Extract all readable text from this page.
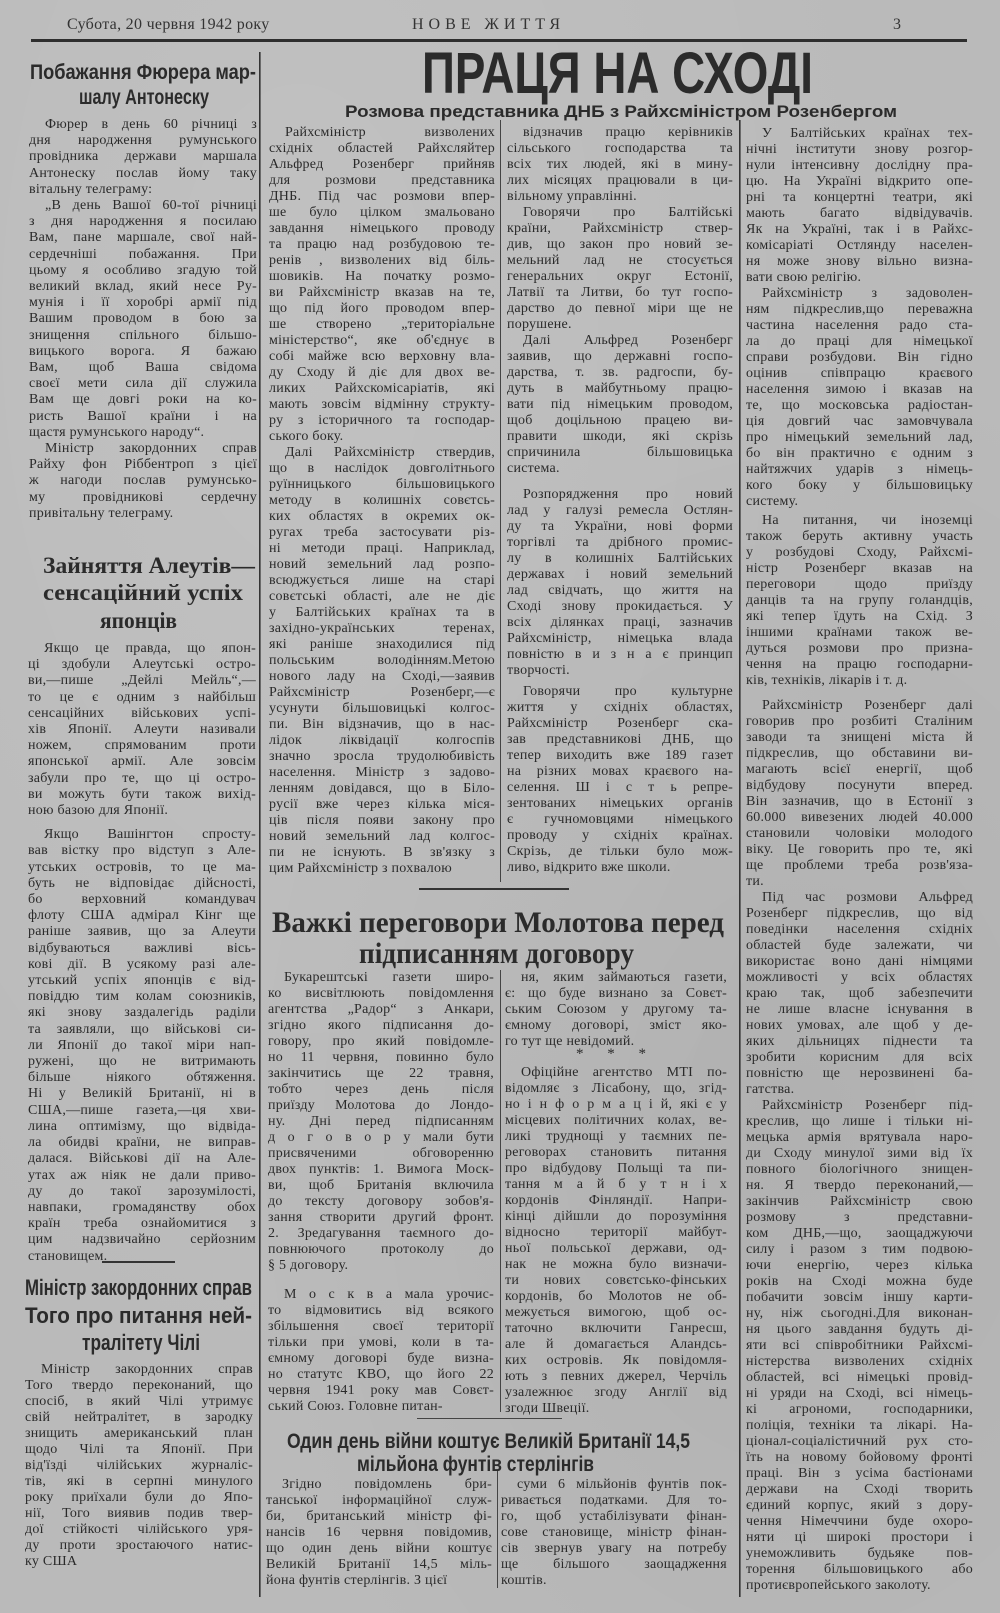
ПРАЦЯ НА СХОДІ
Розмова представника ДНБ з Райхсміністром Розенбергом
Побажання Фюрера мар-
шалу Антонеску
Зайняття Алеутів—
сенсаційний успіх
японців
Міністр закордонних справ
Того про питання ней-
тралітету Чілі
Важкі переговори Молотова перед
підписанням договору
Один день війни коштує Великій Британії 14,5
мільйона фунтів стерлінгів
Субота, 20 червня 1942 року	НОВЕ ЖИТТЯ	3
Фюрер в день 60 річниці з
дня народження румунського
провідника держави маршала
Антонеску послав йому таку
вітальну телеграму:
„В день Вашої 60-тої річниці
з дня народження я посилаю
Вам, пане маршале, свої най-
сердечніші побажання. При
цьому я особливо згадую той
великий вклад, який несе Ру-
мунія і її хоробрі армії під
Вашим проводом в бою за
знищення спільного більшо-
вицького ворога. Я бажаю
Вам, щоб Ваша свідома
своєї мети сила дії служила
Вам ще довгі роки на ко-
ристь Вашої країни і на
щастя румунського народу“.
Міністр закордонних справ
Райху фон Ріббентроп з цієї
ж нагоди послав румунсько-
му провідникові сердечну
привітальну телеграму.
Якщо це правда, що япон-
ці здобули Алеутські остро-
ви,—пише „Дейлі Мейль“,—
то це є одним з найбільш
сенсаційних військових успі-
хів Японії. Алеути називали
ножем, спрямованим проти
японської армії. Але зовсім
забули про те, що ці остро-
ви можуть бути також вихід-
ною базою для Японії.
Якщо Вашінгтон спросту-
вав вістку про відступ з Але-
утських островів, то це ма-
буть не відповідає дійсності,
бо верховний командувач
флоту США адмірал Кінг ще
раніше заявив, що за Алеути
відбуваються важливі вісь-
кові дії. В усякому разі але-
утський успіх японців є від-
повіддю тим колам союзників,
які знову заздалегідь раділи
та заявляли, що військові си-
ли Японії до такої міри нап-
ружені, що не витримають
більше ніякого обтяження.
Ні у Великій Британії, ні в
США,—пише газета,—ця хви-
лина оптимізму, що відвіда-
ла обидві країни, не виправ-
далася. Військові дії на Але-
утах аж ніяк не дали приво-
ду до такої зарозумілості,
навпаки, громадянству обох
країн треба ознайомитися з
цим надзвичайно серйозним
становищем.
Міністр закордонних справ
Того твердо переконаний, що
спосіб, в який Чілі утримує
свій нейтралітет, в зародку
знищить американський план
щодо Чілі та Японії. При
від'їзді чілійських журналіс-
тів, які в серпні минулого
року приїхали були до Япо-
нії, Того виявив подив твер-
дої стійкості чілійського уря-
ду проти зростаючого натис-
ку США
Райхсміністр визволених
східніх областей Райхсляйтер
Альфред Розенберг прийняв
для розмови представника
ДНБ. Під час розмови впер-
ше було цілком змальовано
завдання німецького проводу
та працю над розбудовою те-
ренів , визволених від біль-
шовиків. На початку розмо-
ви Райхсміністр вказав на те,
що під його проводом впер-
ше створено „територіальне
міністерство“, яке об'єднує в
собі майже всю верховну вла-
ду Сходу й діє для двох ве-
ликих Райхскомісаріатів, які
мають зовсім відмінну структу-
ру з історичного та господар-
ського боку.
Далі Райхсміністр ствердив,
що в наслідок довголітнього
руїнницького більшовицького
методу в колишніх совєтсь-
ких областях в окремих ок-
ругах треба застосувати різ-
ні методи праці. Наприклад,
новий земельний лад розпо-
всюджується лише на старі
совєтські області, але не діє
у Балтійських країнах та в
західно-українських теренах,
які раніше знаходилися під
польським володінням.Метою
нового ладу на Сході,—заявив
Райхсміністр Розенберг,—є
усунути більшовицькі колгос-
пи. Він відзначив, що в нас-
лідок ліквідації колгоспів
значно зросла трудолюбивість
населення. Міністр з задово-
ленням довідався, що в Біло-
русії вже через кілька міся-
ців після появи закону про
новий земельний лад колгос-
пи не існують. В зв'язку з
цим Райхсміністр з похвалою
відзначив працю керівників
сільського господарства та
всіх тих людей, які в мину-
лих місяцях працювали в ци-
вільному управлінні.
Говорячи про Балтійські
країни, Райхсміністр ствер-
див, що закон про новий зе-
мельний лад не стосується
генеральних округ Естонії,
Латвії та Литви, бо тут госпо-
дарство до певної міри ще не
порушене.
Далі Альфред Розенберг
заявив, що державні госпо-
дарства, т. зв. радгоспи, бу-
дуть в майбутньому працю-
вати під німецьким проводом,
щоб доцільною працею ви-
правити шкоди, які скрізь
спричинила більшовицька
система.
Розпорядження про новий
лад у галузі ремесла Остлян-
ду та України, нові форми
торгівлі та дрібного промис-
лу в колишніх Балтійських
державах і новий земельний
лад свідчать, що життя на
Сході знову прокидається. У
всіх ділянках праці, зазначив
Райхсміністр, німецька влада
повністю в и з н а є принцип
творчості.
Говорячи про культурне
життя у східніх областях,
Райхсміністр Розенберг ска-
зав представникові ДНБ, що
тепер виходить вже 189 газет
на різних мовах краєвого на-
селення. Ш і с т ь репре-
зентованих німецьких органів
є гучномовцями німецького
проводу у східніх країнах.
Скрізь, де тільки було мож-
ливо, відкрито вже школи.
У Балтійських країнах тех-
нічні інститути знову розгор-
нули інтенсивну дослідну пра-
цю. На Україні відкрито опе-
рні та концертні театри, які
мають багато відвідувачів.
Як на Україні, так і в Райхс-
комісаріаті Остлянду населен-
ня може знову вільно визна-
вати свою релігію.
Райхсміністр з задоволен-
ням підкреслив,що переважна
частина населення радо ста-
ла до праці для німецької
справи розбудови. Він гідно
оцінив співпрацю краєвого
населення зимою і вказав на
те, що московська радіостан-
ція довгий час замовчувала
про німецький земельний лад,
бо він практично є одним з
найтяжчих ударів з німець-
кого боку у більшовицьку
систему.
На питання, чи іноземці
також беруть активну участь
у розбудові Сходу, Райхсмі-
ністр Розенберг вказав на
переговори щодо приїзду
данців та на групу голандців,
які тепер їдуть на Схід. З
іншими країнами також ве-
дуться розмови про призна-
чення на працю господарни-
ків, техніків, лікарів і т. д.
Райхсміністр Розенберг далі
говорив про розбиті Сталіним
заводи та знищені міста й
підкреслив, що обставини ви-
магають всієї енергії, щоб
відбудову посунути вперед.
Він зазначив, що в Естонії з
60.000 вивезених людей 40.000
становили чоловіки молодого
віку. Це говорить про те, які
ще проблеми треба розв'яза-
ти.
Під час розмови Альфред
Розенберг підкреслив, що від
поведінки населення східніх
областей буде залежати, чи
використає воно дані німцями
можливості у всіх областях
краю так, щоб забезпечити
не лише власне існування в
нових умовах, але щоб у де-
яких дільницях піднести та
зробити корисним для всіх
повністю ще нерозвинені ба-
гатства.
Райхсміністр Розенберг під-
креслив, що лише і тільки ні-
мецька армія врятувала наро-
ди Сходу минулої зими від їх
повного біологічного знищен-
ня. Я твердо переконаний,—
закінчив Райхсміністр свою
розмову з представни-
ком ДНБ,—що, заощаджуючи
силу і разом з тим подвою-
ючи енергію, через кілька
років на Сході можна буде
побачити зовсім іншу карти-
ну, ніж сьогодні.Для виконан-
ня цього завдання будуть ді-
яти всі співробітники Райхсмі-
ністерства визволених східніх
областей, всі німецькі провід-
ні уряди на Сході, всі німець-
кі агрономи, господарники,
поліція, техніки та лікарі. На-
ціонал-соціалістичний рух сто-
їть на новому бойовому фронті
праці. Він з усіма бастіонами
держави на Сході творить
єдиний корпус, який з дору-
чення Німеччини буде охоро-
няти ці широкі простори і
унеможливить будьяке пов-
торення більшовицького або
протиєвропейського заколоту.
Букарештські газети широ-
ко висвітлюють повідомлення
агентства „Радор“ з Анкари,
згідно якого підписання до-
говору, про який повідомле-
но 11 червня, повинно було
закінчитись ще 22 травня,
тобто через день після
приїзду Молотова до Лондо-
ну. Дні перед підписанням
д о г о в о р у мали бути
присвяченими обговоренню
двох пунктів: 1. Вимога Моск-
ви, щоб Британія включила
до тексту договору зобов'я-
зання створити другий фронт.
2. Зредагування таємного до-
повнюючого протоколу до
§ 5 договору.
М о с к в а мала урочис-
то відмовитись від всякого
збільшення своєї території
тільки при умові, коли в та-
ємному договорі буде визна-
но статутс КВО, що його 22
червня 1941 року мав Совєт-
ський Союз. Головне питан-
ня, яким займаються газети,
є: що буде визнано за Совєт-
ським Союзом у другому та-
ємному договорі, зміст яко-
го тут ще невідомий.
* * *
Офіційне агентство МТІ по-
відомляє з Лісабону, що, згід-
но і н ф о р м а ц і й, які є у
місцевих політичних колах, ве-
ликі труднощі у таємних пе-
реговорах становить питання
про відбудову Польщі та пи-
тання м а й б у т н і х
кордонів Фінляндії. Напри-
кінці дійшли до порозуміння
відносно території майбут-
ньої польської держави, од-
нак не можна було визначи-
ти нових совєтсько-фінських
кордонів, бо Молотов не об-
межується вимогою, щоб ос-
таточно включити Ганресш,
але й домагається Аландсь-
ких островів. Як повідомля-
ють з певних джерел, Черчіль
узалежнює згоду Англії від
згоди Швеції.
Згідно повідомлень бри-
танської інформаційної служ-
би, британський міністр фі-
нансів 16 червня повідомив,
що один день війни коштує
Великій Британії 14,5 міль-
йона фунтів стерлінгів. З цієї
суми 6 мільйонів фунтів пок-
ривається податками. Для то-
го, щоб устабілізувати фінан-
сове становище, міністр фінан-
сів звернув увагу на потребу
ще більшого заощадження
коштів.
